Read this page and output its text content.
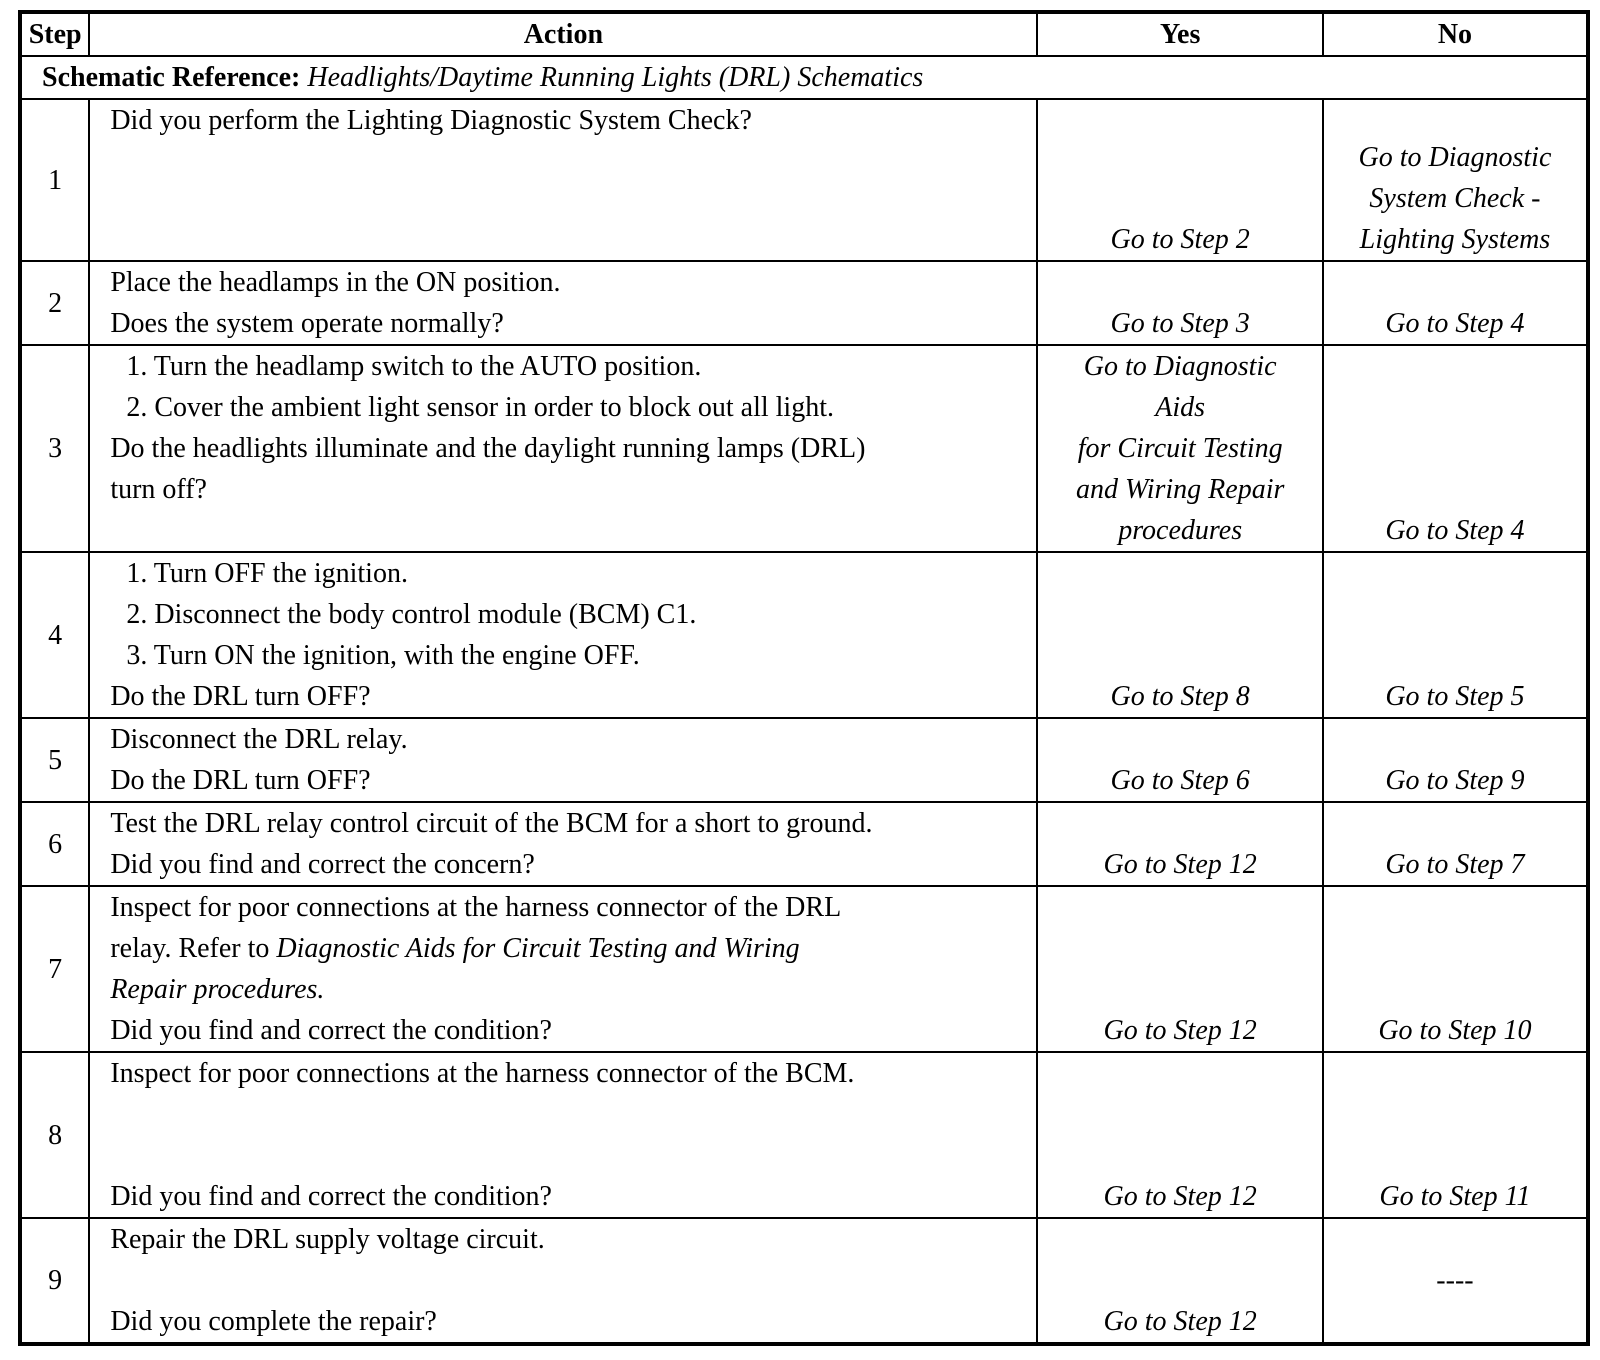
Step	Action	Yes	No
Schematic Reference: Headlights/Daytime Running Lights (DRL) Schematics			
1	Did you perform the Lighting Diagnostic System Check?	Go to Step 2	Go to Diagnostic
System Check -
Lighting Systems

2	Place the headlamps in the ON position.
Does the system operate normally?	Go to Step 3	Go to Step 4
3	1. Turn the headlamp switch to the AUTO position.
2. Cover the ambient light sensor in order to block out all light.
Do the headlights illuminate and the daylight running lamps (DRL)
turn off?	Go to Diagnostic
Aids
for Circuit Testing
and Wiring Repair
procedures	Go to Step 4
4	1. Turn OFF the ignition.
2. Disconnect the body control module (BCM) C1.
3. Turn ON the ignition, with the engine OFF.
Do the DRL turn OFF?	Go to Step 8	Go to Step 5
5	Disconnect the DRL relay.
Do the DRL turn OFF?	Go to Step 6	Go to Step 9
6	Test the DRL relay control circuit of the BCM for a short to ground.
Did you find and correct the concern?	Go to Step 12	Go to Step 7
7	Inspect for poor connections at the harness connector of the DRL
relay. Refer to Diagnostic Aids for Circuit Testing and Wiring
Repair procedures.
Did you find and correct the condition?	Go to Step 12	Go to Step 10
8	Inspect for poor connections at the harness connector of the BCM.
Did you find and correct the condition?	Go to Step 12	Go to Step 11
9	Repair the DRL supply voltage circuit.
Did you complete the repair?	Go to Step 12	----
